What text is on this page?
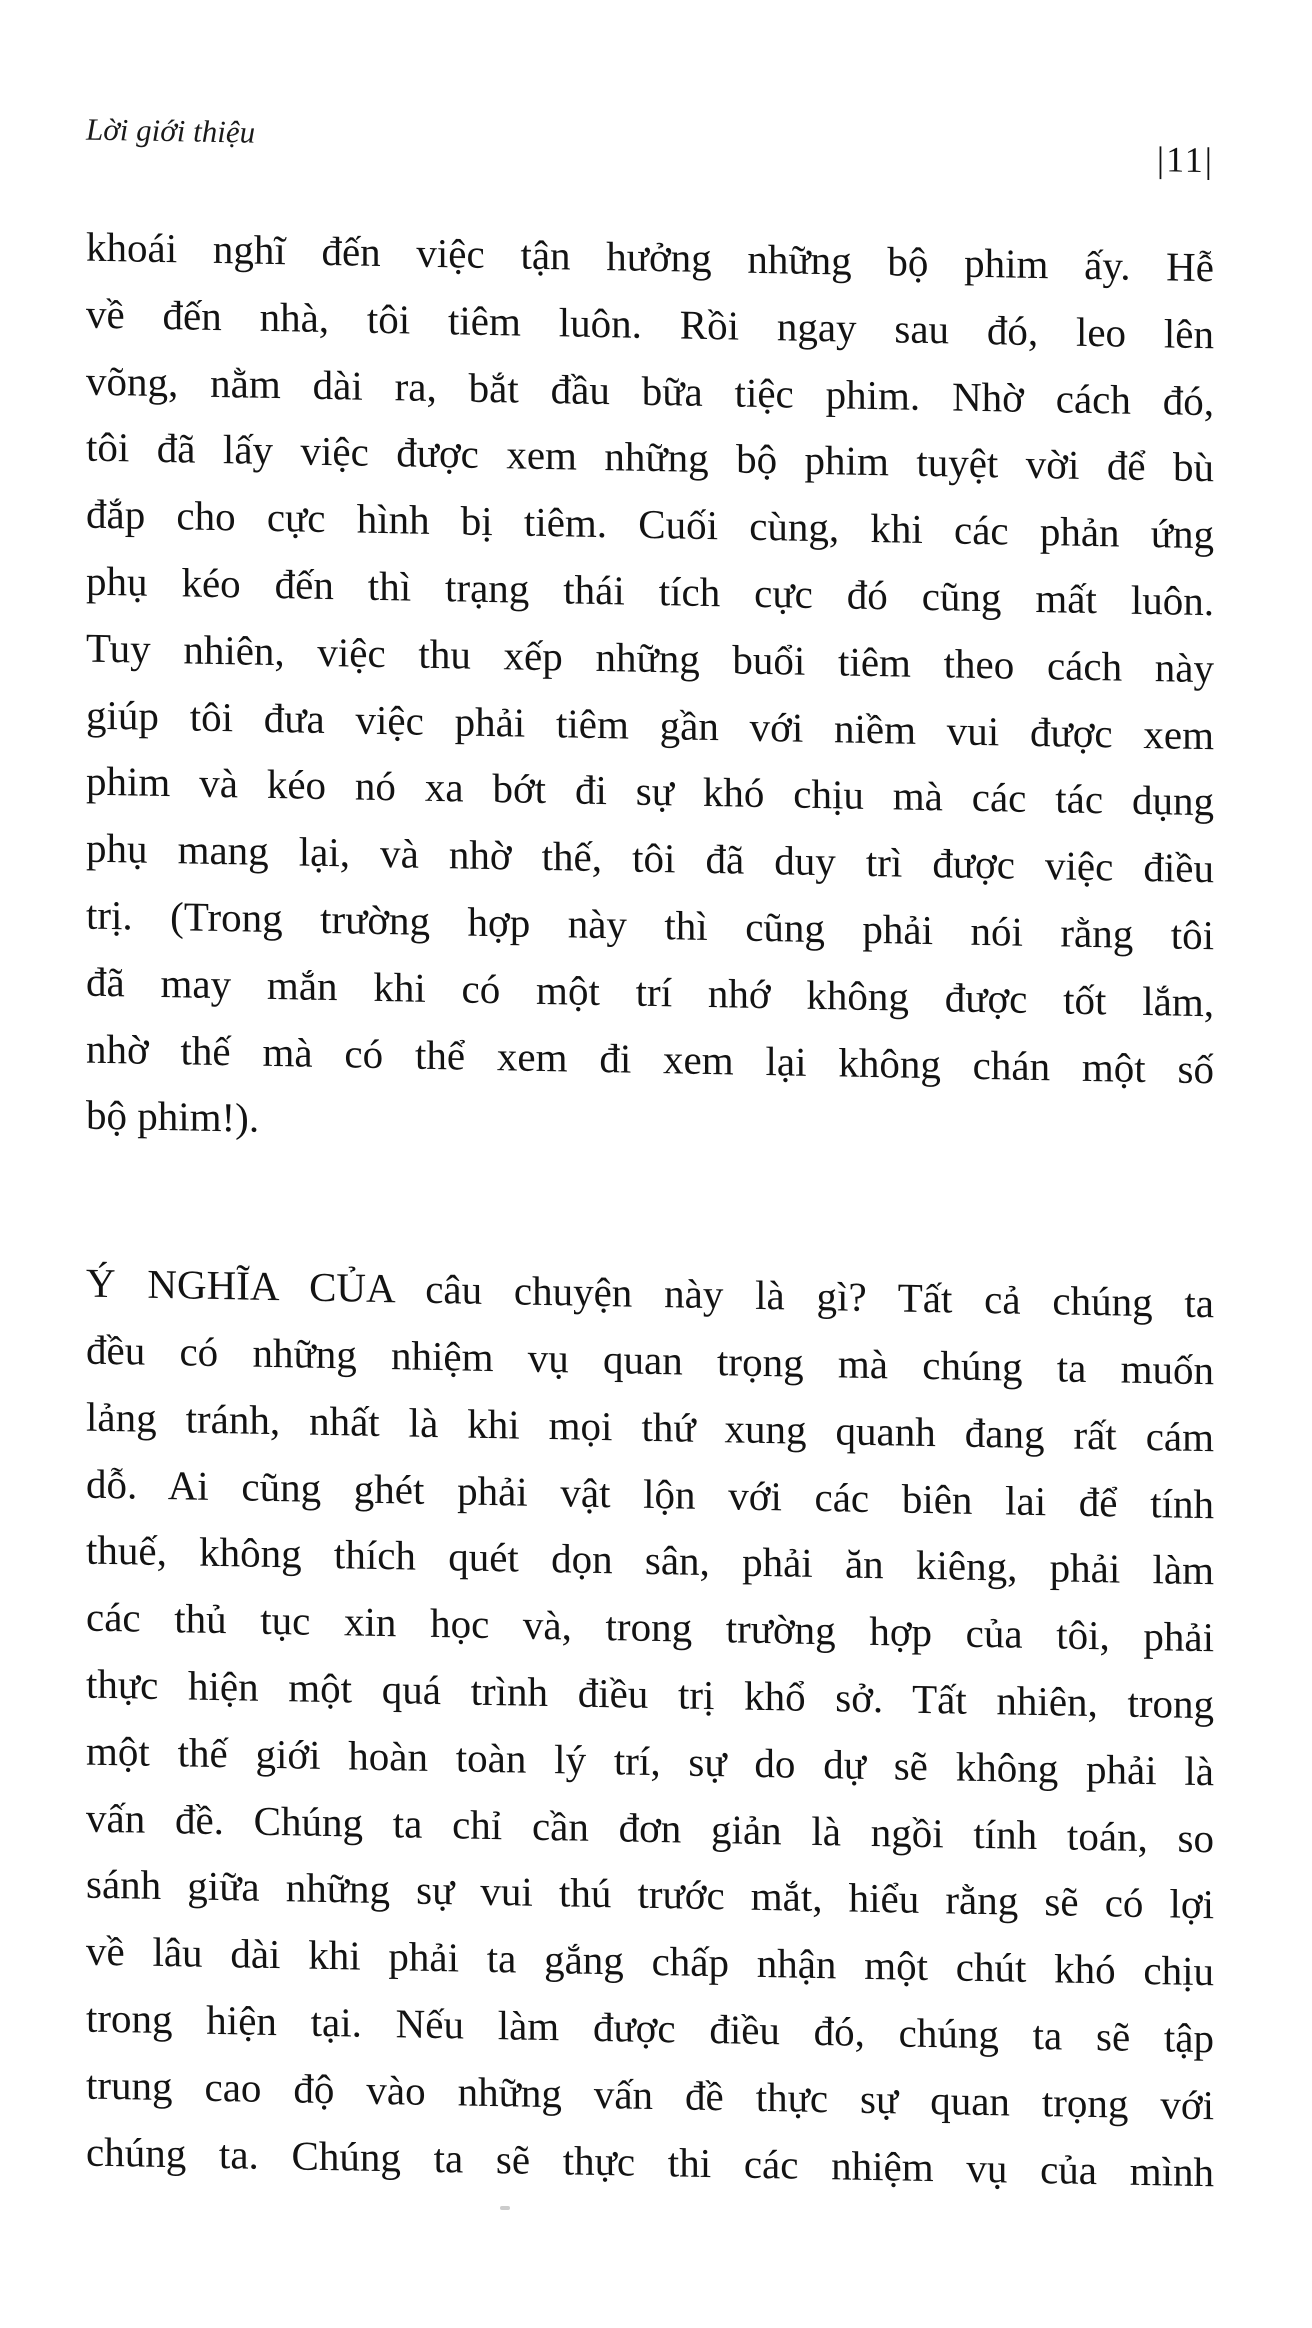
Lời giới thiệu
|11|
khoái nghĩ đến việc tận hưởng những bộ phim ấy. Hễ
về đến nhà, tôi tiêm luôn. Rồi ngay sau đó, leo lên
võng, nằm dài ra, bắt đầu bữa tiệc phim. Nhờ cách đó,
tôi đã lấy việc được xem những bộ phim tuyệt vời để bù
đắp cho cực hình bị tiêm. Cuối cùng, khi các phản ứng
phụ kéo đến thì trạng thái tích cực đó cũng mất luôn.
Tuy nhiên, việc thu xếp những buổi tiêm theo cách này
giúp tôi đưa việc phải tiêm gần với niềm vui được xem
phim và kéo nó xa bớt đi sự khó chịu mà các tác dụng
phụ mang lại, và nhờ thế, tôi đã duy trì được việc điều
trị. (Trong trường hợp này thì cũng phải nói rằng tôi
đã may mắn khi có một trí nhớ không được tốt lắm,
nhờ thế mà có thể xem đi xem lại không chán một số
bộ phim!).
Ý NGHĨA CỦA câu chuyện này là gì? Tất cả chúng ta
đều có những nhiệm vụ quan trọng mà chúng ta muốn
lảng tránh, nhất là khi mọi thứ xung quanh đang rất cám
dỗ. Ai cũng ghét phải vật lộn với các biên lai để tính
thuế, không thích quét dọn sân, phải ăn kiêng, phải làm
các thủ tục xin học và, trong trường hợp của tôi, phải
thực hiện một quá trình điều trị khổ sở. Tất nhiên, trong
một thế giới hoàn toàn lý trí, sự do dự sẽ không phải là
vấn đề. Chúng ta chỉ cần đơn giản là ngồi tính toán, so
sánh giữa những sự vui thú trước mắt, hiểu rằng sẽ có lợi
về lâu dài khi phải ta gắng chấp nhận một chút khó chịu
trong hiện tại. Nếu làm được điều đó, chúng ta sẽ tập
trung cao độ vào những vấn đề thực sự quan trọng với
chúng ta. Chúng ta sẽ thực thi các nhiệm vụ của mình
